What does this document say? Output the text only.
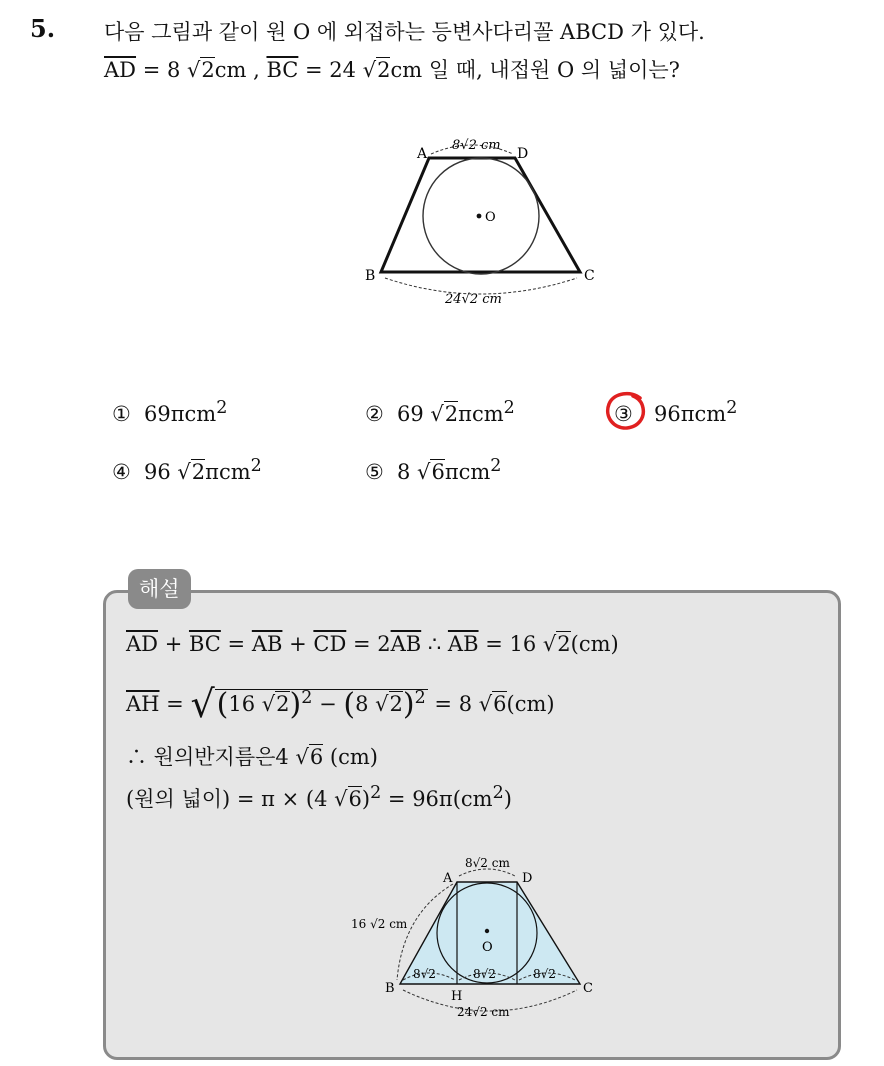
5. 다음 그림과 같이 원 O 에 외접하는 등변사다리꼴 ABCD 가 있다.
$\overline{AD} = 8$ √2cm , $\overline{BC} = 24$ √2cm 일 때, 내접원 O 의 넓이는?
O
A	D
B	C
8√2 cm
24√2 cm
① 69πcm$^2$	② 69 √2πcm$^2$	③ 96πcm$^2$
④ 96 √2πcm$^2$	⑤ 8 √6πcm$^2$
해설
$\overline{AD} + \overline{BC} = \overline{AB} + \overline{CD} = 2\overline{AB}$ ∴ $\overline{AB} = 16$ √2(cm)
$\overline{AH} = √(16$ √2)$^2$ − (8 √2)$^2$ = 8 √6(cm)
∴ 원의반지름은4 √6 (cm)
(원의 넓이) = π × (4 $√6)^2 = 96\pi(cm^2)$
O
A	D
B	C
H
8√2 cm
16 √2 cm
8√2	8√2	8√2
24√2 cm
